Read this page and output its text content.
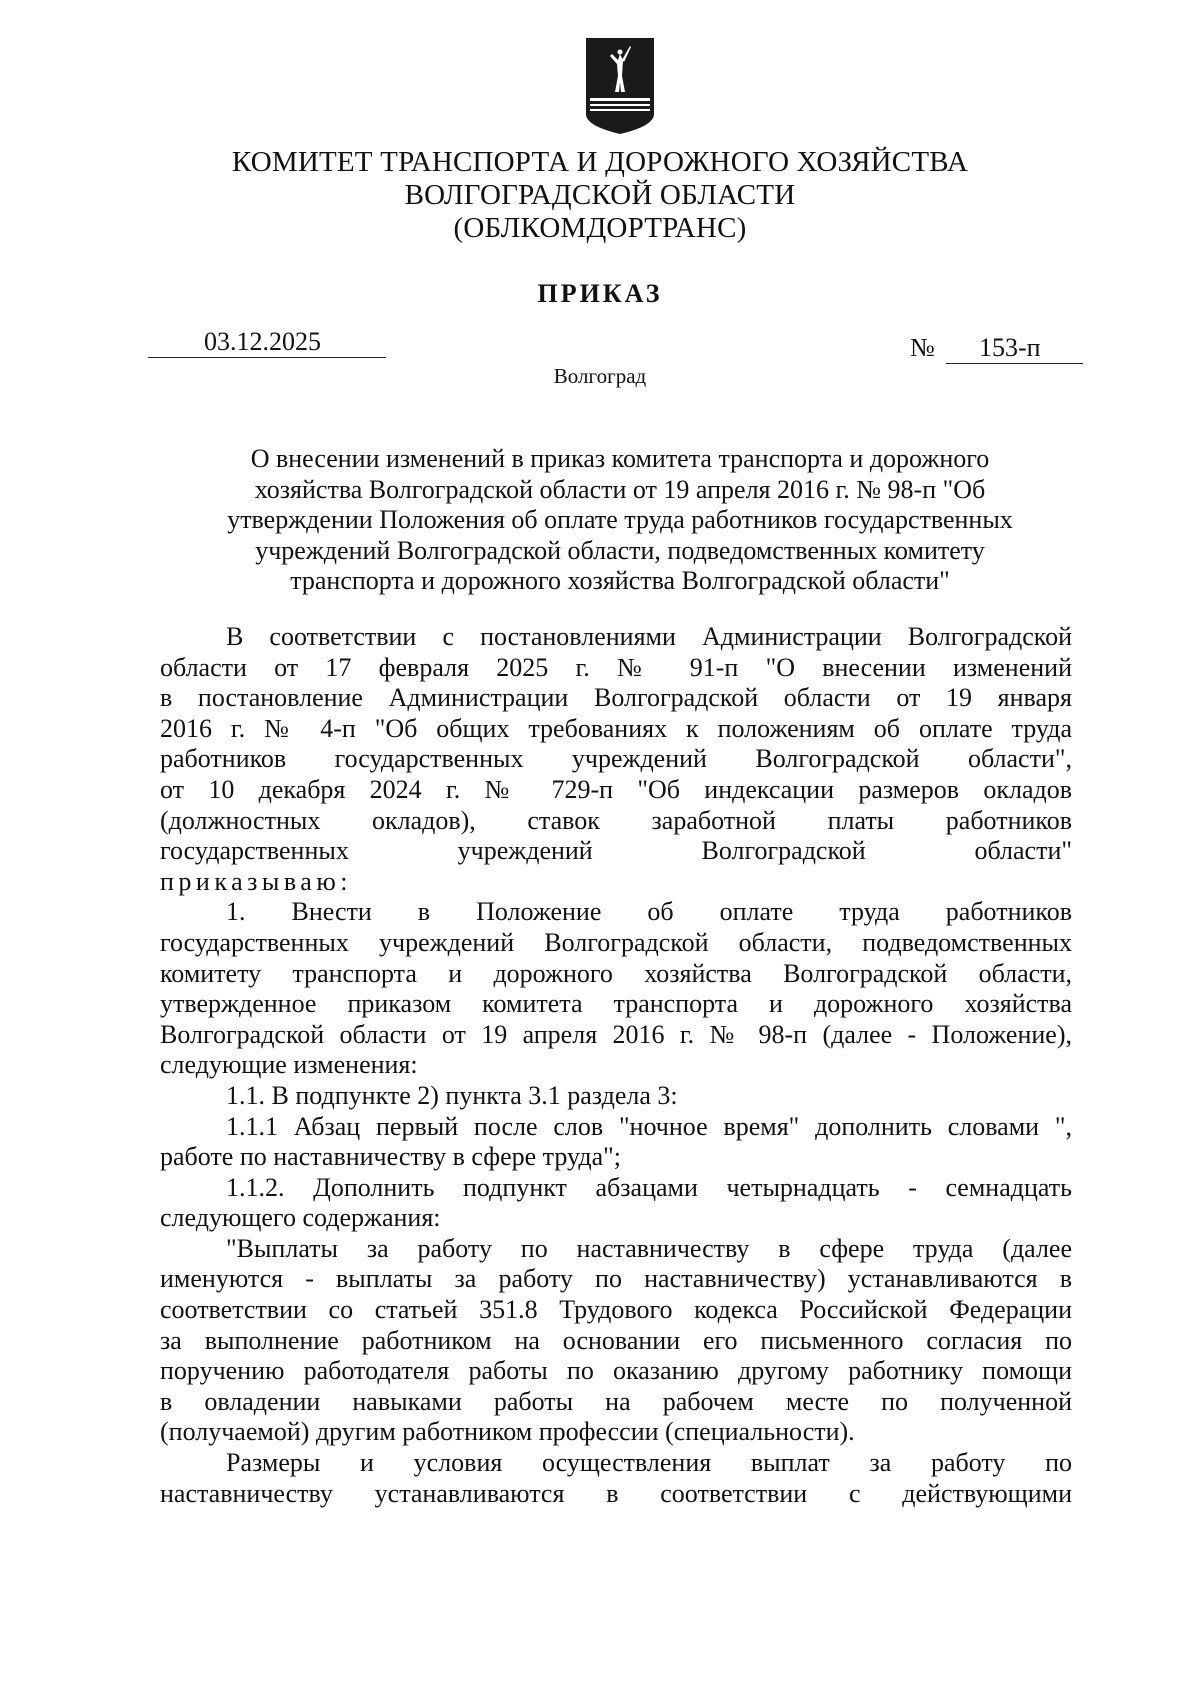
КОМИТЕТ ТРАНСПОРТА И ДОРОЖНОГО ХОЗЯЙСТВА
ВОЛГОГРАДСКОЙ ОБЛАСТИ
(ОБЛКОМДОРТРАНС)
ПРИКАЗ
03.12.2025	№ 153-п
Волгоград
О внесении изменений в приказ комитета транспорта и дорожного
хозяйства Волгоградской области от 19 апреля 2016 г. № 98-п "Об
утверждении Положения об оплате труда работников государственных
учреждений Волгоградской области, подведомственных комитету
транспорта и дорожного хозяйства Волгоградской области"
В соответствии с постановлениями Администрации Волгоградской
области от 17 февраля 2025 г. № 91-п "О внесении изменений
в постановление Администрации Волгоградской области от 19 января
2016 г. № 4-п "Об общих требованиях к положениям об оплате труда
работников государственных учреждений Волгоградской области",
от 10 декабря 2024 г. № 729-п "Об индексации размеров окладов
(должностных окладов), ставок заработной платы работников
государственных учреждений Волгоградской области"
приказываю:
1. Внести в Положение об оплате труда работников
государственных учреждений Волгоградской области, подведомственных
комитету транспорта и дорожного хозяйства Волгоградской области,
утвержденное приказом комитета транспорта и дорожного хозяйства
Волгоградской области от 19 апреля 2016 г. № 98-п (далее - Положение),
следующие изменения:
1.1. В подпункте 2) пункта 3.1 раздела 3:
1.1.1 Абзац первый после слов "ночное время" дополнить словами ",
работе по наставничеству в сфере труда";
1.1.2. Дополнить подпункт абзацами четырнадцать - семнадцать
следующего содержания:
"Выплаты за работу по наставничеству в сфере труда (далее
именуются - выплаты за работу по наставничеству) устанавливаются в
соответствии со статьей 351.8 Трудового кодекса Российской Федерации
за выполнение работником на основании его письменного согласия по
поручению работодателя работы по оказанию другому работнику помощи
в овладении навыками работы на рабочем месте по полученной
(получаемой) другим работником профессии (специальности).
Размеры и условия осуществления выплат за работу по
наставничеству устанавливаются в соответствии с действующими
